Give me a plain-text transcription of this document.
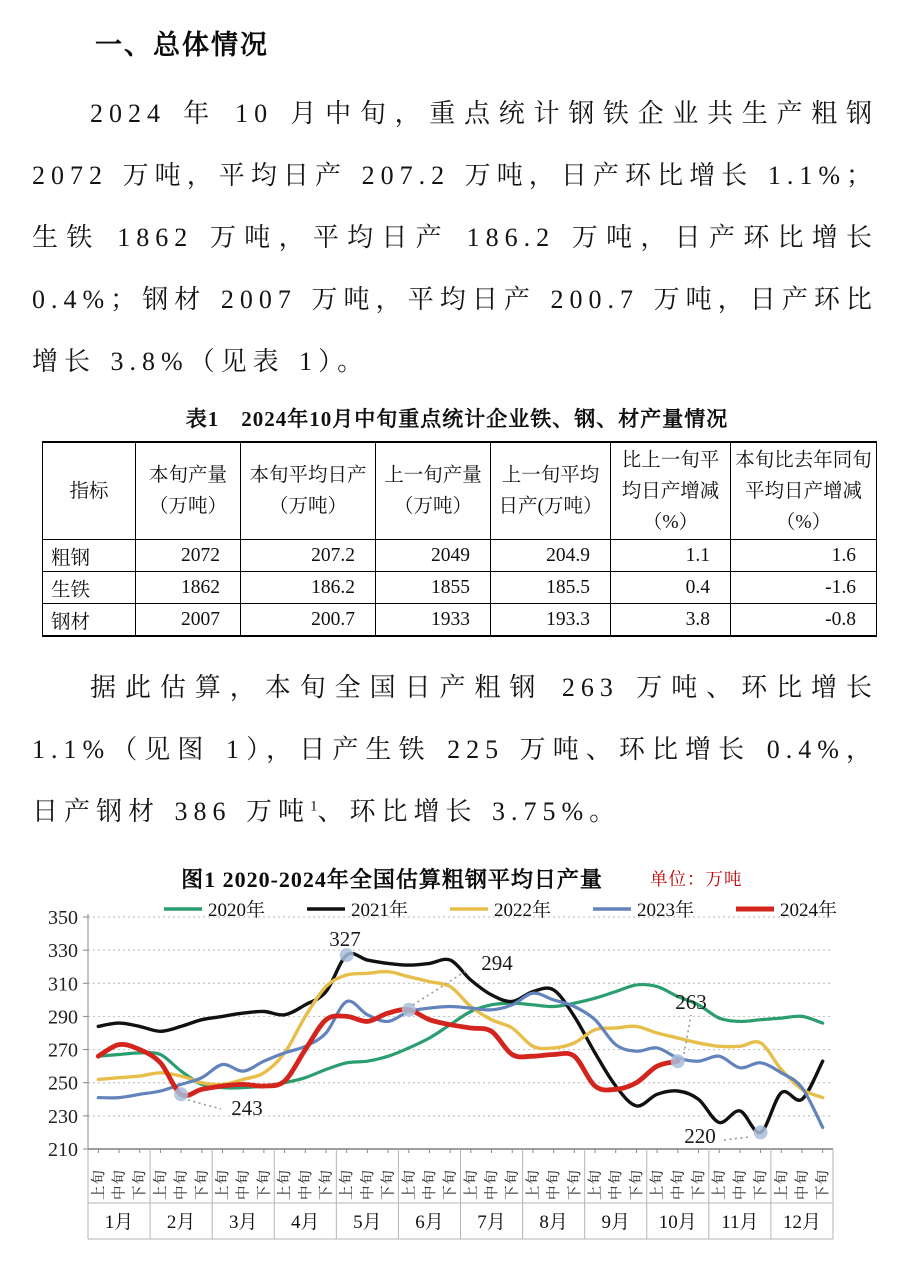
一、总体情况

2024 年 10 月中旬，重点统计钢铁企业共生产粗钢 2072 万吨，平均日产 207.2 万吨，日产环比增长 1.1%；生铁 1862 万吨，平均日产 186.2 万吨，日产环比增长 0.4%；钢材 2007 万吨，平均日产 200.7 万吨，日产环比增长 3.8%（见表 1）。

表1　2024年10月中旬重点统计企业铁、钢、材产量情况
指标	本旬产量（万吨）	本旬平均日产（万吨）	上一旬产量（万吨）	上一旬平均日产(万吨）	比上一旬平均日产增减（%）	本旬比去年同旬平均日产增减（%）
粗钢	2072	207.2	2049	204.9	1.1	1.6
生铁	1862	186.2	1855	185.5	0.4	-1.6
钢材	2007	200.7	1933	193.3	3.8	-0.8

据此估算，本旬全国日产粗钢 263 万吨、环比增长 1.1%（见图 1），日产生铁 225 万吨、环比增长 0.4%，日产钢材 386 万吨$^1$、环比增长 3.75%。

图1 2020-2024年全国估算粗钢平均日产量	单位：万吨
2020年	2021年	2022年	2023年	2024年
210
230
250
270
290
310
330
350
上旬 中旬 下旬 上旬 中旬 下旬 上旬 中旬 下旬 上旬 中旬 下旬 上旬 中旬 下旬 上旬 中旬 下旬 上旬 中旬 下旬 上旬 中旬 下旬 上旬 中旬 下旬 上旬 中旬 下旬 上旬 中旬 下旬 上旬 中旬 下旬
1月 2月 3月 4月 5月 6月 7月 8月 9月 10月 11月 12月
327
294
243
263
220
